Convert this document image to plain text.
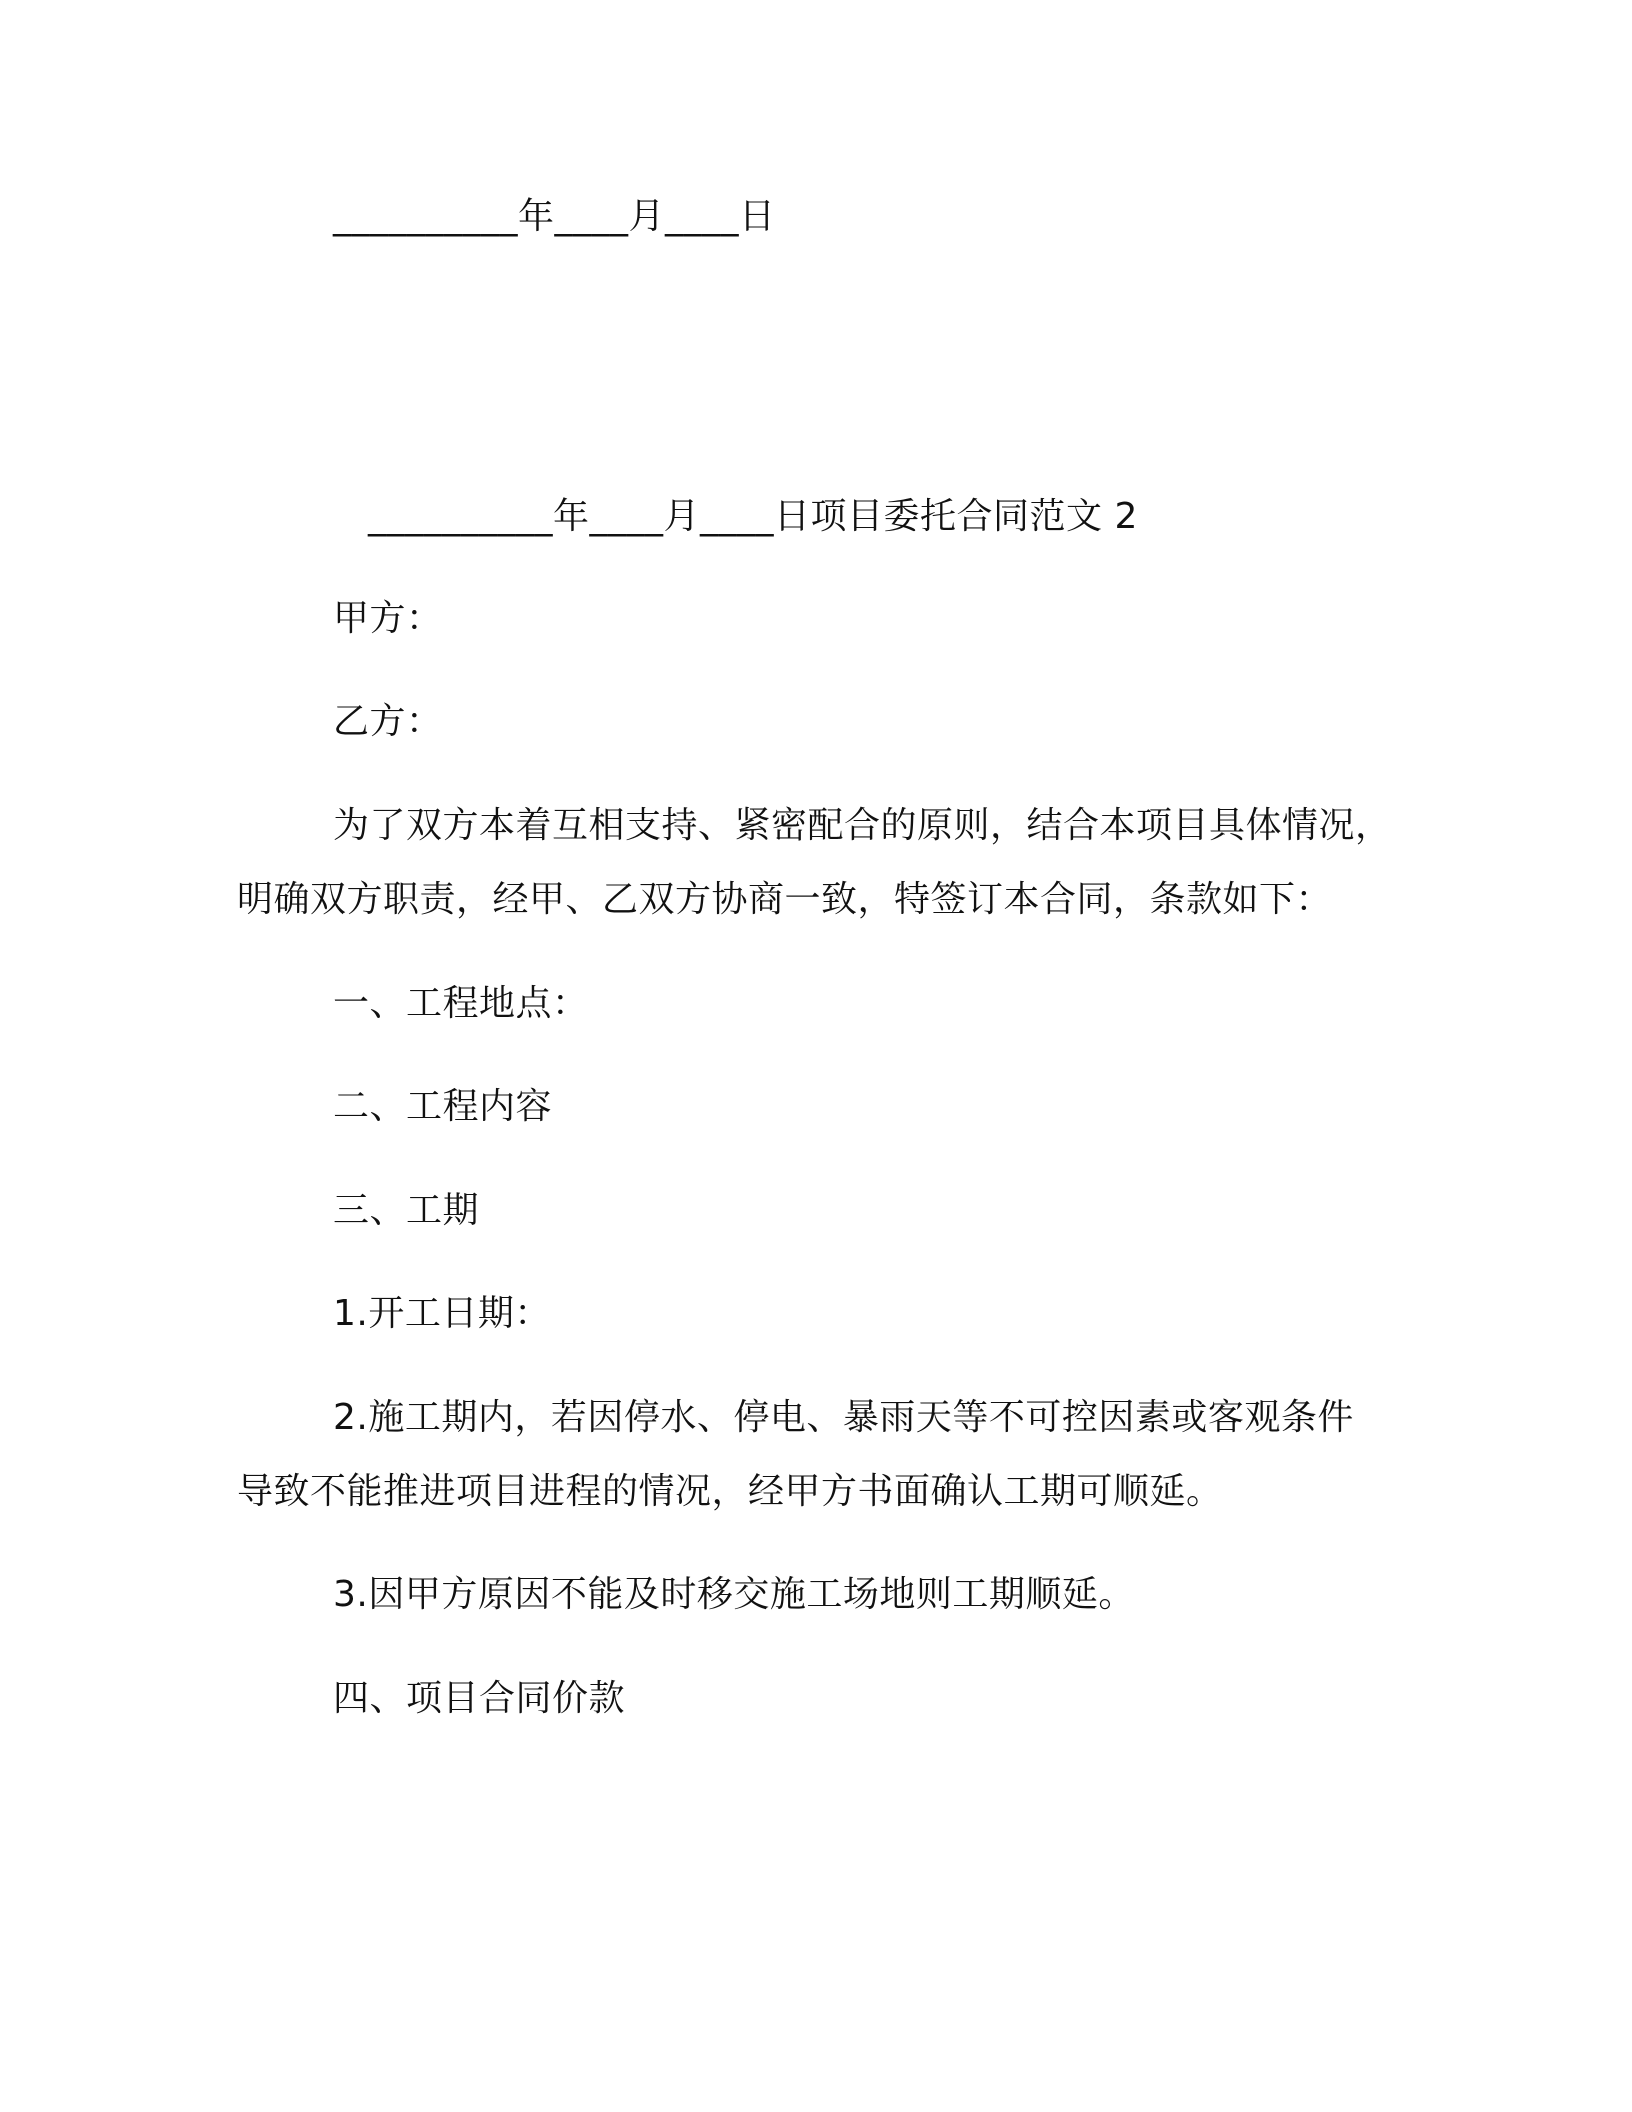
__________年____月____日
__________年____月____日项目委托合同范文 2
甲方：
乙方：
为了双方本着互相支持、紧密配合的原则，结合本项目具体情况，
明确双方职责，经甲、乙双方协商一致，特签订本合同，条款如下：
一、工程地点：
二、工程内容
三、工期
1.开工日期：
2.施工期内，若因停水、停电、暴雨天等不可控因素或客观条件
导致不能推进项目进程的情况，经甲方书面确认工期可顺延。
3.因甲方原因不能及时移交施工场地则工期顺延。
四、项目合同价款
